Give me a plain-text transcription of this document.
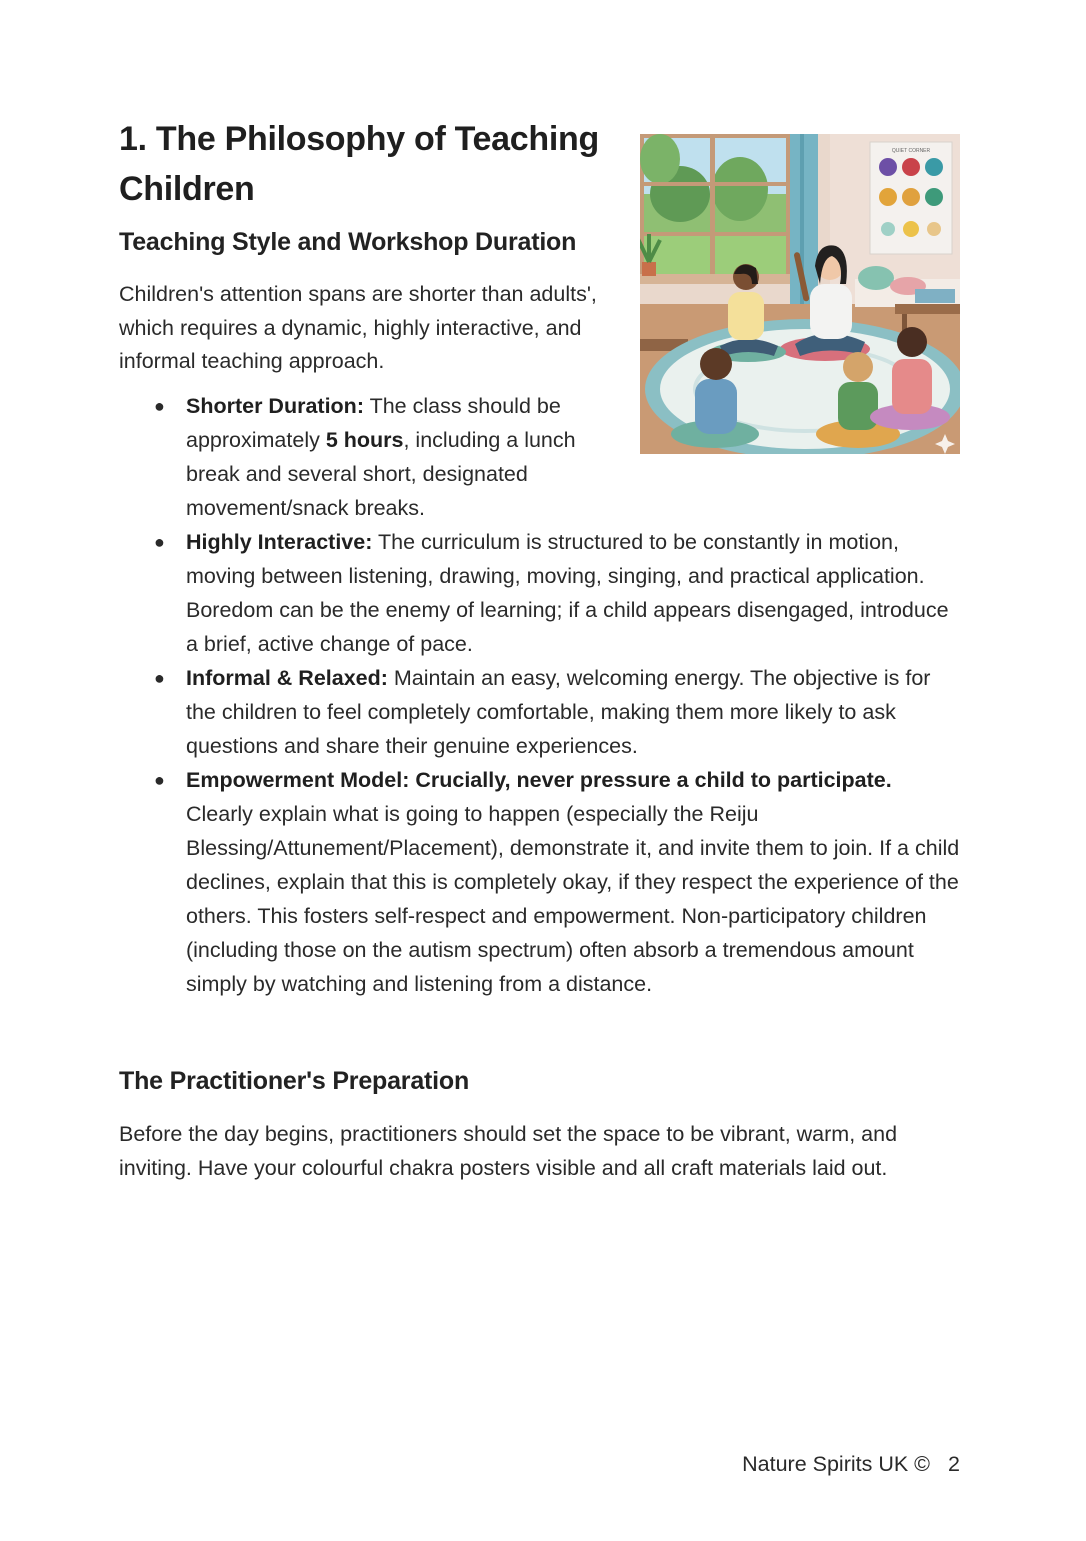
1. The Philosophy of Teaching Children
Teaching Style and Workshop Duration

Children's attention spans are shorter than adults', which requires a dynamic, highly interactive, and informal teaching approach.

● Shorter Duration: The class should be approximately 5 hours, including a lunch break and several short, designated movement/snack breaks.
● Highly Interactive: The curriculum is structured to be constantly in motion, moving between listening, drawing, moving, singing, and practical application. Boredom can be the enemy of learning; if a child appears disengaged, introduce a brief, active change of pace.
● Informal & Relaxed: Maintain an easy, welcoming energy. The objective is for the children to feel completely comfortable, making them more likely to ask questions and share their genuine experiences.
● Empowerment Model: Crucially, never pressure a child to participate. Clearly explain what is going to happen (especially the Reiju Blessing/Attunement/Placement), demonstrate it, and invite them to join. If a child declines, explain that this is completely okay, if they respect the experience of the others. This fosters self-respect and empowerment. Non-participatory children (including those on the autism spectrum) often absorb a tremendous amount simply by watching and listening from a distance.
The Practitioner's Preparation

Before the day begins, practitioners should set the space to be vibrant, warm, and inviting. Have your colourful chakra posters visible and all craft materials laid out.

QUIET CORNER
Nature Spirits UK © 2
